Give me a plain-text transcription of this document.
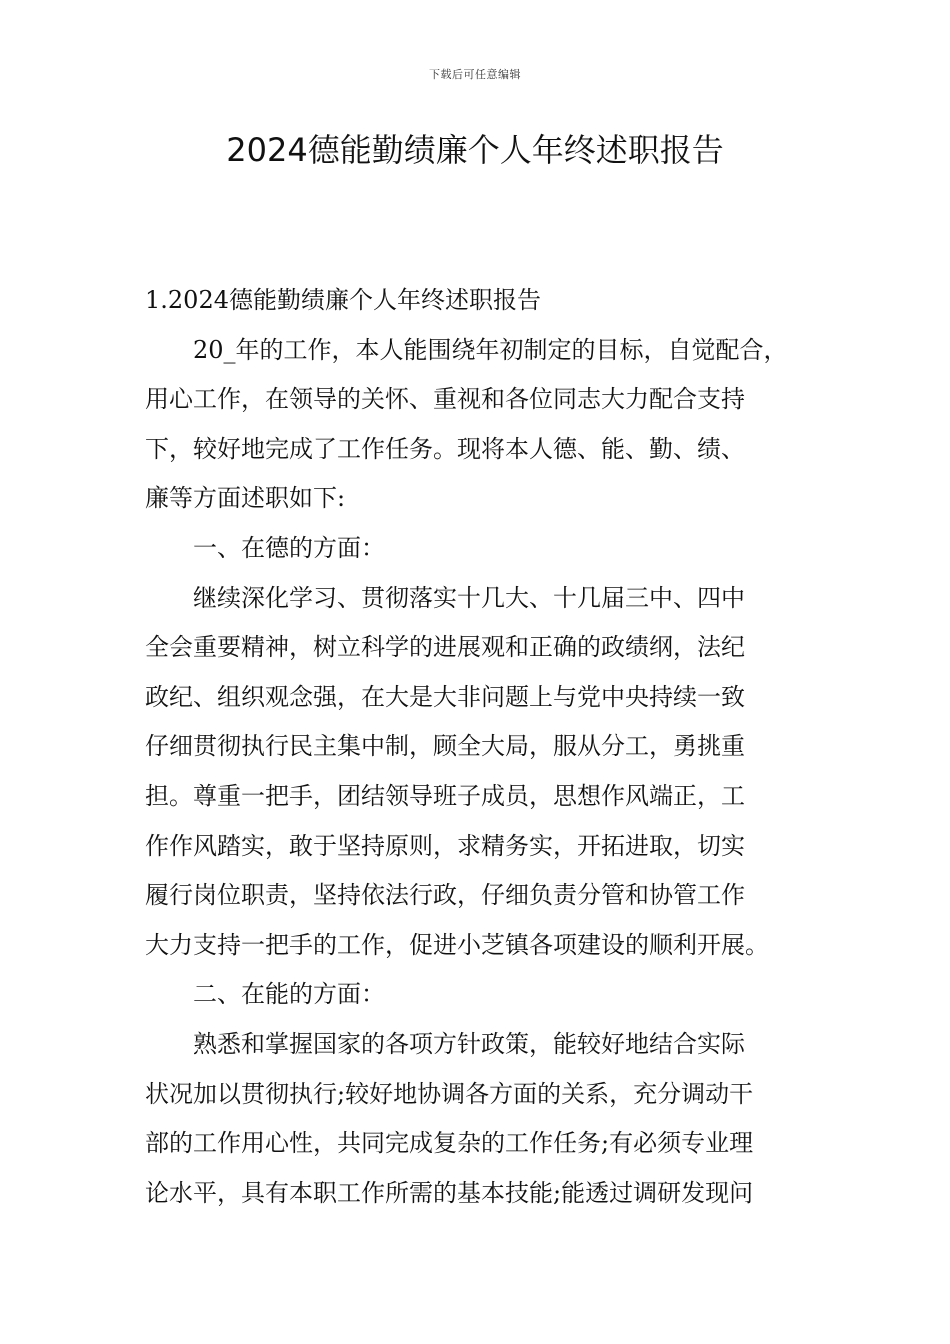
下载后可任意编辑
2024德能勤绩廉个人年终述职报告
1.2024德能勤绩廉个人年终述职报告
20_年的工作，本人能围绕年初制定的目标，自觉配合，
用心工作，在领导的关怀、重视和各位同志大力配合支持
下，较好地完成了工作任务。现将本人德、能、勤、绩、
廉等方面述职如下:
一、在德的方面：
继续深化学习、贯彻落实十几大、十几届三中、四中
全会重要精神，树立科学的进展观和正确的政绩纲，法纪
政纪、组织观念强，在大是大非问题上与党中央持续一致
仔细贯彻执行民主集中制，顾全大局，服从分工，勇挑重
担。尊重一把手，团结领导班子成员，思想作风端正，工
作作风踏实，敢于坚持原则，求精务实，开拓进取，切实
履行岗位职责，坚持依法行政，仔细负责分管和协管工作
大力支持一把手的工作，促进小芝镇各项建设的顺利开展。
二、在能的方面：
熟悉和掌握国家的各项方针政策，能较好地结合实际
状况加以贯彻执行;较好地协调各方面的关系，充分调动干
部的工作用心性，共同完成复杂的工作任务;有必须专业理
论水平，具有本职工作所需的基本技能;能透过调研发现问
